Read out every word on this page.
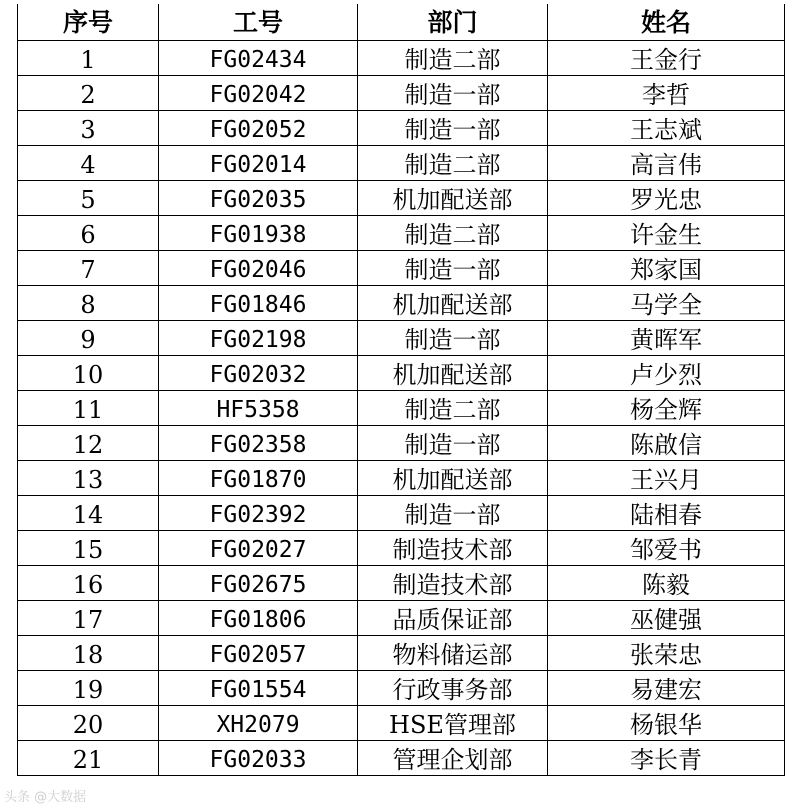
序号	工号	部门	姓名
1	FG02434	制造二部	王金行
2	FG02042	制造一部	李哲
3	FG02052	制造一部	王志斌
4	FG02014	制造二部	高言伟
5	FG02035	机加配送部	罗光忠
6	FG01938	制造二部	许金生
7	FG02046	制造一部	郑家国
8	FG01846	机加配送部	马学全
9	FG02198	制造一部	黄晖军
10	FG02032	机加配送部	卢少烈
11	HF5358	制造二部	杨全辉
12	FG02358	制造一部	陈啟信
13	FG01870	机加配送部	王兴月
14	FG02392	制造一部	陆相春
15	FG02027	制造技术部	邹爱书
16	FG02675	制造技术部	陈毅
17	FG01806	品质保证部	巫健强
18	FG02057	物料储运部	张荣忠
19	FG01554	行政事务部	易建宏
20	XH2079	HSE管理部	杨银华
21	FG02033	管理企划部	李长青
头条 @大数据
